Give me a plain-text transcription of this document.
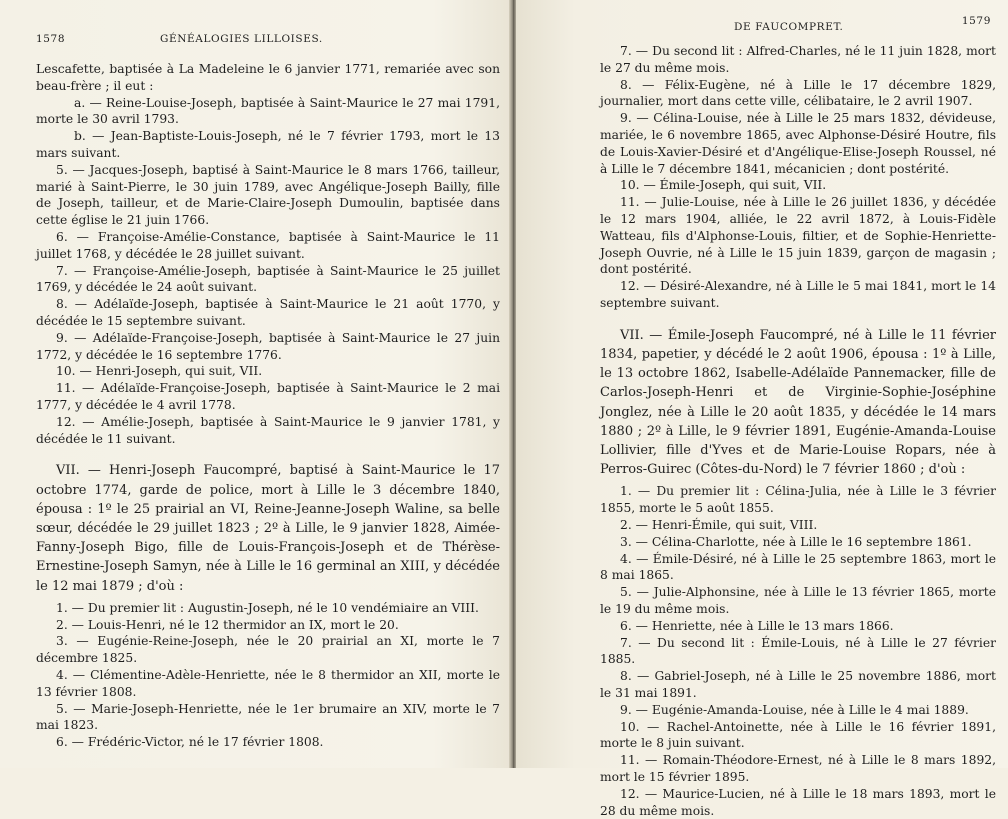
1578	GÉNÉALOGIES LILLOISES.

Lescafette, baptisée à La Madeleine le 6 janvier 1771, remariée avec son beau-frère ; il eut :

a. — Reine-Louise-Joseph, baptisée à Saint-Maurice le 27 mai 1791, morte le 30 avril 1793.

b. — Jean-Baptiste-Louis-Joseph, né le 7 février 1793, mort le 13 mars suivant.

5. — Jacques-Joseph, baptisé à Saint-Maurice le 8 mars 1766, tailleur, marié à Saint-Pierre, le 30 juin 1789, avec Angélique-Joseph Bailly, fille de Joseph, tailleur, et de Marie-Claire-Joseph Dumoulin, baptisée dans cette église le 21 juin 1766.

6. — Françoise-Amélie-Constance, baptisée à Saint-Maurice le 11 juillet 1768, y décédée le 28 juillet suivant.

7. — Françoise-Amélie-Joseph, baptisée à Saint-Maurice le 25 juillet 1769, y décédée le 24 août suivant.

8. — Adélaïde-Joseph, baptisée à Saint-Maurice le 21 août 1770, y décédée le 15 septembre suivant.

9. — Adélaïde-Françoise-Joseph, baptisée à Saint-Maurice le 27 juin 1772, y décédée le 16 septembre 1776.

10. — Henri-Joseph, qui suit, VII.

11. — Adélaïde-Françoise-Joseph, baptisée à Saint-Maurice le 2 mai 1777, y décédée le 4 avril 1778.

12. — Amélie-Joseph, baptisée à Saint-Maurice le 9 janvier 1781, y décédée le 11 suivant.

VII. — Henri-Joseph Faucompré, baptisé à Saint-Maurice le 17 octobre 1774, garde de police, mort à Lille le 3 décembre 1840, épousa : 1º le 25 prairial an VI, Reine-Jeanne-Joseph Waline, sa belle sœur, décédée le 29 juillet 1823 ; 2º à Lille, le 9 janvier 1828, Aimée-Fanny-Joseph Bigo, fille de Louis-François-Joseph et de Thérèse-Ernestine-Joseph Samyn, née à Lille le 16 germinal an XIII, y décédée le 12 mai 1879 ; d'où :

1. — Du premier lit : Augustin-Joseph, né le 10 vendémiaire an VIII.

2. — Louis-Henri, né le 12 thermidor an IX, mort le 20.

3. — Eugénie-Reine-Joseph, née le 20 prairial an XI, morte le 7 décembre 1825.

4. — Clémentine-Adèle-Henriette, née le 8 thermidor an XII, morte le 13 février 1808.

5. — Marie-Joseph-Henriette, née le 1er brumaire an XIV, morte le 7 mai 1823.

6. — Frédéric-Victor, né le 17 février 1808.

DE FAUCOMPRET.	1579

7. — Du second lit : Alfred-Charles, né le 11 juin 1828, mort le 27 du même mois.

8. — Félix-Eugène, né à Lille le 17 décembre 1829, journalier, mort dans cette ville, célibataire, le 2 avril 1907.

9. — Célina-Louise, née à Lille le 25 mars 1832, dévideuse, mariée, le 6 novembre 1865, avec Alphonse-Désiré Houtre, fils de Louis-Xavier-Désiré et d'Angélique-Elise-Joseph Roussel, né à Lille le 7 décembre 1841, mécanicien ; dont postérité.

10. — Émile-Joseph, qui suit, VII.

11. — Julie-Louise, née à Lille le 26 juillet 1836, y décédée le 12 mars 1904, alliée, le 22 avril 1872, à Louis-Fidèle Watteau, fils d'Alphonse-Louis, filtier, et de Sophie-Henriette-Joseph Ouvrie, né à Lille le 15 juin 1839, garçon de magasin ; dont postérité.

12. — Désiré-Alexandre, né à Lille le 5 mai 1841, mort le 14 septembre suivant.

VII. — Émile-Joseph Faucompré, né à Lille le 11 février 1834, papetier, y décédé le 2 août 1906, épousa : 1º à Lille, le 13 octobre 1862, Isabelle-Adélaïde Pannemacker, fille de Carlos-Joseph-Henri et de Virginie-Sophie-Joséphine Jonglez, née à Lille le 20 août 1835, y décédée le 14 mars 1880 ; 2º à Lille, le 9 février 1891, Eugénie-Amanda-Louise Lollivier, fille d'Yves et de Marie-Louise Ropars, née à Perros-Guirec (Côtes-du-Nord) le 7 février 1860 ; d'où :

1. — Du premier lit : Célina-Julia, née à Lille le 3 février 1855, morte le 5 août 1855.

2. — Henri-Émile, qui suit, VIII.

3. — Célina-Charlotte, née à Lille le 16 septembre 1861.

4. — Émile-Désiré, né à Lille le 25 septembre 1863, mort le 8 mai 1865.

5. — Julie-Alphonsine, née à Lille le 13 février 1865, morte le 19 du même mois.

6. — Henriette, née à Lille le 13 mars 1866.

7. — Du second lit : Émile-Louis, né à Lille le 27 février 1885.

8. — Gabriel-Joseph, né à Lille le 25 novembre 1886, mort le 31 mai 1891.

9. — Eugénie-Amanda-Louise, née à Lille le 4 mai 1889.

10. — Rachel-Antoinette, née à Lille le 16 février 1891, morte le 8 juin suivant.

11. — Romain-Théodore-Ernest, né à Lille le 8 mars 1892, mort le 15 février 1895.

12. — Maurice-Lucien, né à Lille le 18 mars 1893, mort le 28 du même mois.
